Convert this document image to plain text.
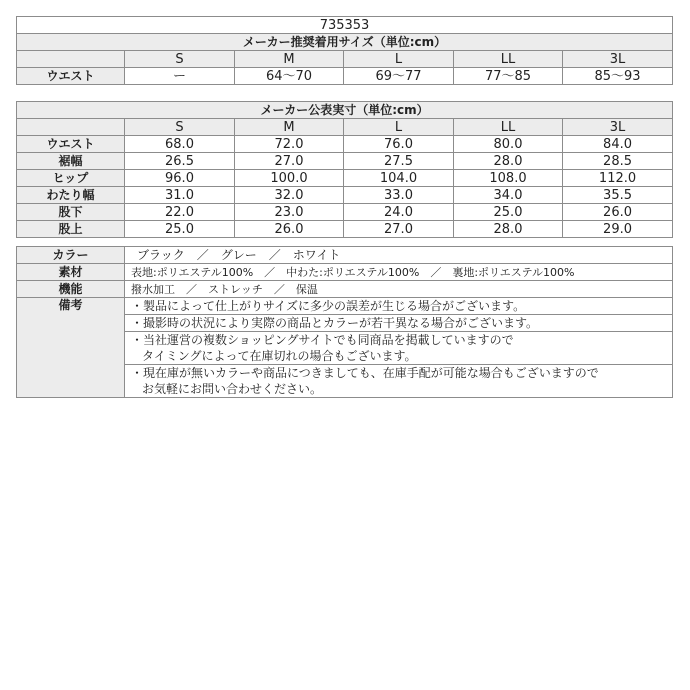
735353					
メーカー推奨着用サイズ（単位:cm）					
	S	M	L	LL	3L
ウエスト	ー	64～70	69～77	77～85	85～93
メーカー公表実寸（単位:cm）					
	S	M	L	LL	3L
ウエスト	68.0	72.0	76.0	80.0	84.0
裾幅	26.5	27.0	27.5	28.0	28.5
ヒップ	96.0	100.0	104.0	108.0	112.0
わたり幅	31.0	32.0	33.0	34.0	35.5
股下	22.0	23.0	24.0	25.0	26.0
股上	25.0	26.0	27.0	28.0	29.0
カラー	ブラック　／　グレー　／　ホワイト
素材	表地:ポリエステル100%　／　中わた:ポリエステル100%　／　裏地:ポリエステル100%
機能	撥水加工　／　ストレッチ　／　保温
備考	・製品によって仕上がりサイズに多少の誤差が生じる場合がございます。
	・撮影時の状況により実際の商品とカラーが若干異なる場合がございます。
	・当社運営の複数ショッピングサイトでも同商品を掲載していますので

タイミングによって在庫切れの場合もございます。

	・現在庫が無いカラーや商品につきましても、在庫手配が可能な場合もございますので

お気軽にお問い合わせください。
